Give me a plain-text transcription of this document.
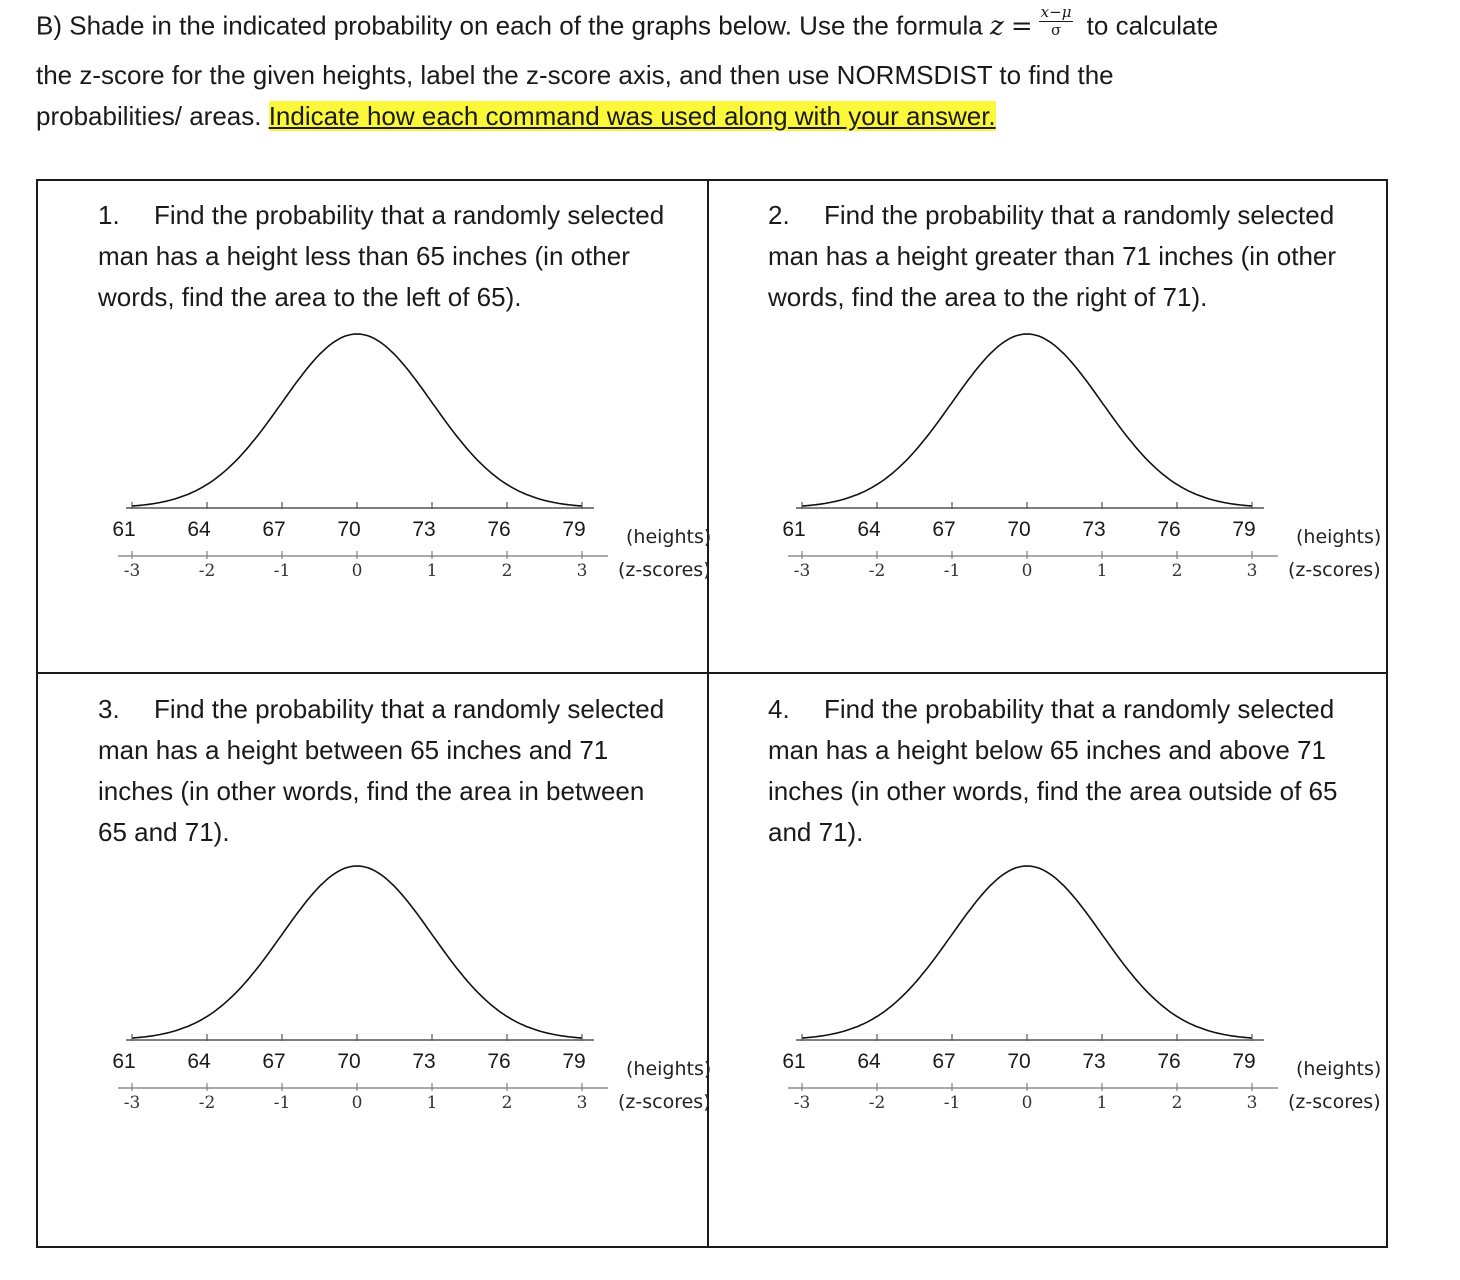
B) Shade in the indicated probability on each of the graphs below. Use the formula $z = \frac{x-\mu}{\sigma}$ to calculate
the z-score for the given heights, label the z-score axis, and then use NORMSDIST to find the
probabilities/ areas. Indicate how each command was used along with your answer.
1. Find the probability that a randomly selected
man has a height less than 65 inches (in other
words, find the area to the left of 65).
61 64 67 70 73 76 79 (heights)
-3	-2	-1	0	1	2	3 (z-scores)
2. Find the probability that a randomly selected
man has a height greater than 71 inches (in other
words, find the area to the right of 71).
61 64 67 70 73 76 79 (heights)
-3	-2	-1	0	1	2	3 (z-scores)
3. Find the probability that a randomly selected
man has a height between 65 inches and 71
inches (in other words, find the area in between
65 and 71).
61 64 67 70 73 76 79 (heights)
-3	-2	-1	0	1	2	3 (z-scores)
4. Find the probability that a randomly selected
man has a height below 65 inches and above 71
inches (in other words, find the area outside of 65
and 71).
61 64 67 70 73 76 79 (heights)
-3	-2	-1	0	1	2	3 (z-scores)
